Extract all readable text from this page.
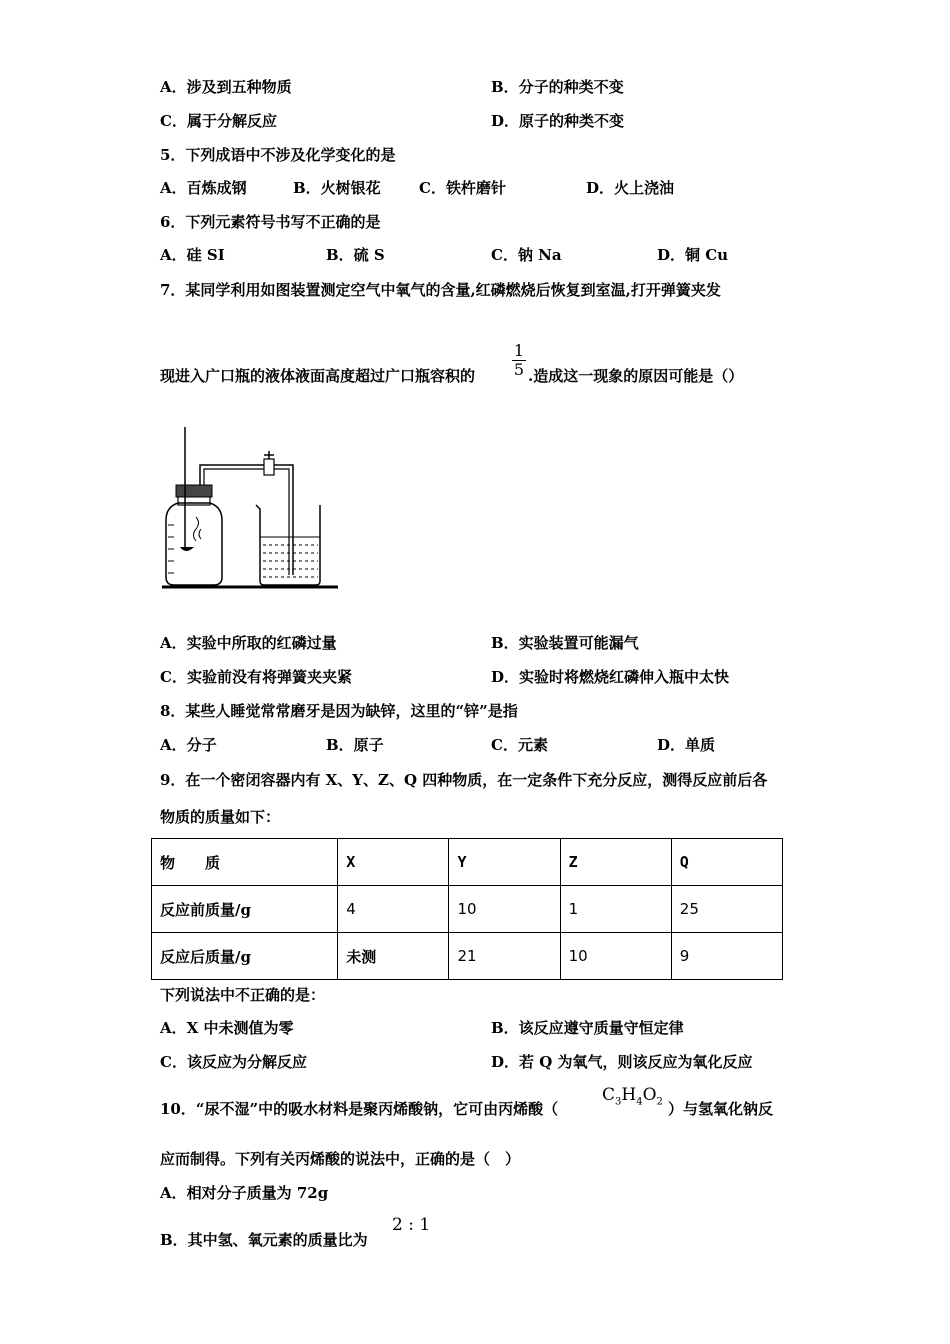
A．涉及到五种物质	B．分子的种类不变
C．属于分解反应	D．原子的种类不变
5．下列成语中不涉及化学变化的是
A．百炼成钢	B．火树银花	C．铁杵磨针	D．火上浇油
6．下列元素符号书写不正确的是
A．硅 SI	B．硫 S	C．钠 Na	D．铜 Cu
7．某同学利用如图装置测定空气中氧气的含量,红磷燃烧后恢复到室温,打开弹簧夹发
现进入广口瓶的液体液面高度超过广口瓶容积的 $\frac{1}{5}$ .造成这一现象的原因可能是（）
A．实验中所取的红磷过量	B．实验装置可能漏气
C．实验前没有将弹簧夹夹紧	D．实验时将燃烧红磷伸入瓶中太快
8．某些人睡觉常常磨牙是因为缺锌，这里的“锌”是指
A．分子	B．原子	C．元素	D．单质
9．在一个密闭容器内有 X、Y、Z、Q 四种物质，在一定条件下充分反应，测得反应前后各
物质的质量如下：
物　　质	X	Y	Z	Q
反应前质量/g	4	10	1	25
反应后质量/g	未测	21	10	9
下列说法中不正确的是：
A．X 中未测值为零	B．该反应遵守质量守恒定律
C．该反应为分解反应	D．若 Q 为氧气，则该反应为氧化反应
10．“尿不湿”中的吸水材料是聚丙烯酸钠，它可由丙烯酸（
$C_3H_4O_2$ ）与氢氧化钠反
应而制得。下列有关丙烯酸的说法中，正确的是（　）
A．相对分子质量为 72g
B．其中氢、氧元素的质量比为
2 : 1
